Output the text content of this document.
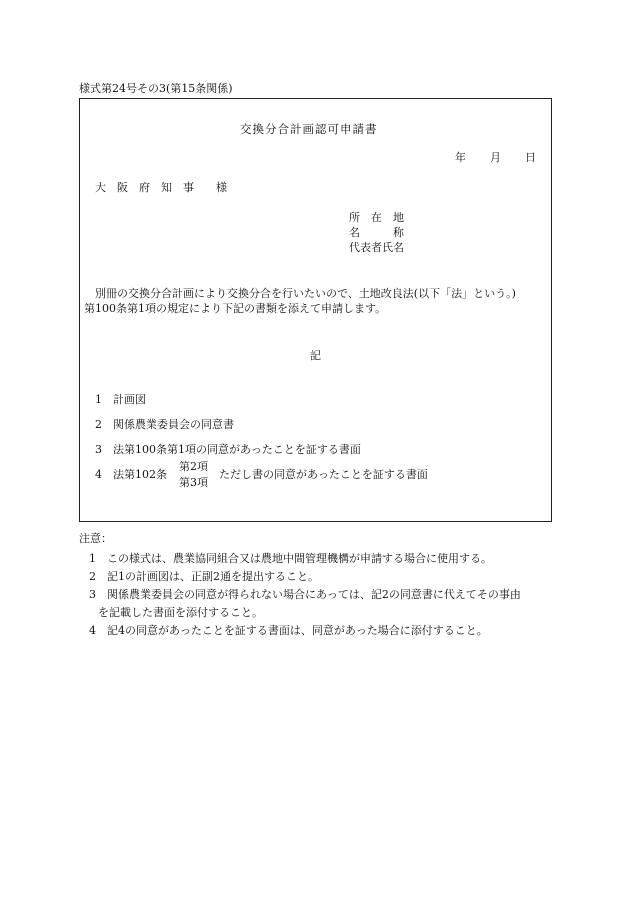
様式第24号その3(第15条関係)
交換分合計画認可申請書
年 月 日
大　阪　府　知　事　　様
所　在　地
名　　　称
代表者氏名
別冊の交換分合計画により交換分合を行いたいので、土地改良法(以下「法」という。)
第100条第1項の規定により下記の書類を添えて申請します。
記
1 計画図
2 関係農業委員会の同意書
3 法第100条第1項の同意があったことを証する書面
4 法第102条
第2項
第3項
ただし書の同意があったことを証する書面
注意：
1　この様式は、農業協同組合又は農地中間管理機構が申請する場合に使用する。
2　記1の計画図は、正副2通を提出すること。
3　関係農業委員会の同意が得られない場合にあっては、記2の同意書に代えてその事由
を記載した書面を添付すること。
4　記4の同意があったことを証する書面は、同意があった場合に添付すること。
